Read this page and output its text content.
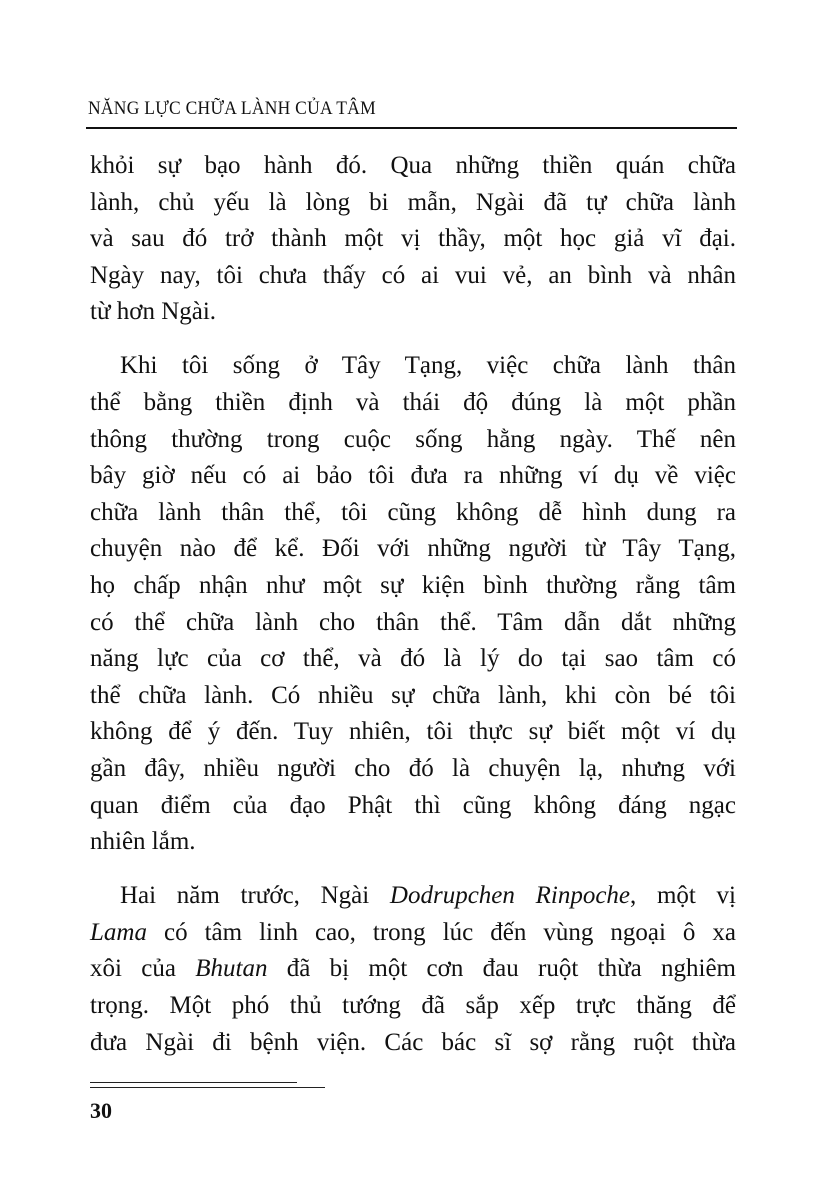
NĂNG LỰC CHỮA LÀNH CỦA TÂM
khỏi sự bạo hành đó. Qua những thiền quán chữa
lành, chủ yếu là lòng bi mẫn, Ngài đã tự chữa lành
và sau đó trở thành một vị thầy, một học giả vĩ đại.
Ngày nay, tôi chưa thấy có ai vui vẻ, an bình và nhân
từ hơn Ngài.
Khi tôi sống ở Tây Tạng, việc chữa lành thân
thể bằng thiền định và thái độ đúng là một phần
thông thường trong cuộc sống hằng ngày. Thế nên
bây giờ nếu có ai bảo tôi đưa ra những ví dụ về việc
chữa lành thân thể, tôi cũng không dễ hình dung ra
chuyện nào để kể. Đối với những người từ Tây Tạng,
họ chấp nhận như một sự kiện bình thường rằng tâm
có thể chữa lành cho thân thể. Tâm dẫn dắt những
năng lực của cơ thể, và đó là lý do tại sao tâm có
thể chữa lành. Có nhiều sự chữa lành, khi còn bé tôi
không để ý đến. Tuy nhiên, tôi thực sự biết một ví dụ
gần đây, nhiều người cho đó là chuyện lạ, nhưng với
quan điểm của đạo Phật thì cũng không đáng ngạc
nhiên lắm.
Hai năm trước, Ngài Dodrupchen Rinpoche, một vị
Lama có tâm linh cao, trong lúc đến vùng ngoại ô xa
xôi của Bhutan đã bị một cơn đau ruột thừa nghiêm
trọng. Một phó thủ tướng đã sắp xếp trực thăng để
đưa Ngài đi bệnh viện. Các bác sĩ sợ rằng ruột thừa
30
